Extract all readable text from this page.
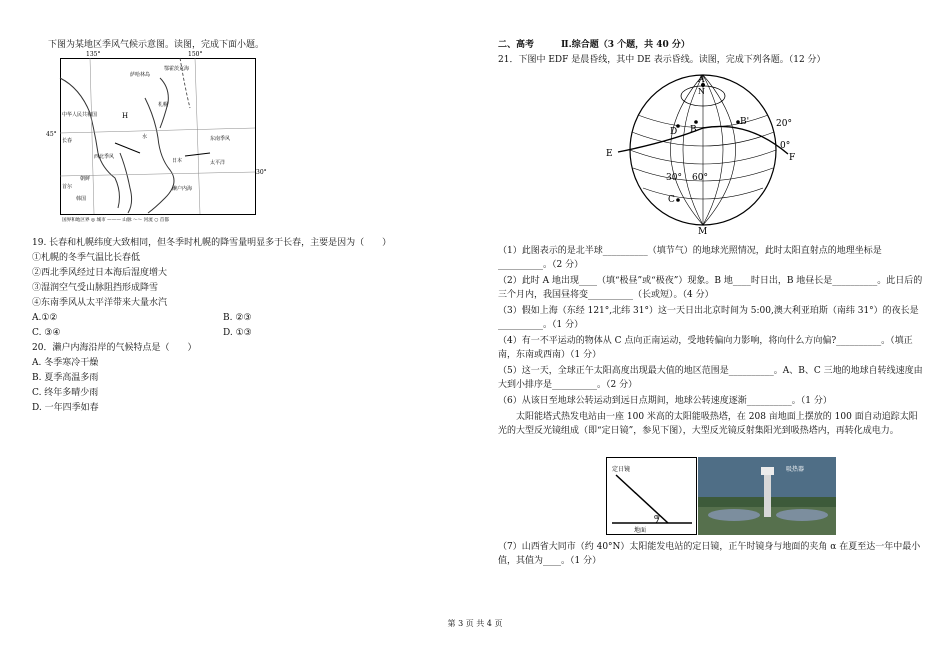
下图为某地区季风气候示意图。读图，完成下面小题。
135°	150°
45°
30°
中华人民共和国
长春
西北季风
水
H
札幌
东南季风
日本	太平洋
濑户内海
鄂霍茨克海
首尔
朝鲜
韩国
萨哈林岛
国界和地区界 ◎ 城市 ——— 山脉 ～～ 河流 ○ 首都
19. 长春和札幌纬度大致相同，但冬季时札幌的降雪量明显多于长春，主要是因为（　　）
①札幌的冬季气温比长春低
②西北季风经过日本海后湿度增大
③湿润空气受山脉阻挡形成降雪
④东南季风从太平洋带来大量水汽
A.①②	B. ②③
C. ③④	D. ①③
20．濑户内海沿岸的气候特点是（　　）
A. 冬季寒冷干燥
B. 夏季高温多雨
C. 终年多晴少雨
D. 一年四季如春
二、高考　　　Ⅱ.综合题（3 个题，共 40 分）
21．下图中 EDF 是晨昏线，其中 DE 表示昏线。读图，完成下列各题。（12 分）
A
N
B
D
B'
E	F
C
M
20°
0°
30° 60°
（1）此图表示的是北半球__________（填节气）的地球光照情况，此时太阳直射点的地理坐标是__________。（2 分）
（2）此时 A 地出现____（填“极昼”或“极夜”）现象。B 地____时日出，B 地昼长是__________。此日后的三个月内，我国昼将变__________（长或短）。（4 分）
（3）假如上海（东经 121°,北纬 31°）这一天日出北京时间为 5:00,澳大利亚珀斯（南纬 31°）的夜长是__________。（1 分）
（4）有一不平运动的物体从 C 点向正南运动，受地转偏向力影响，将向什么方向偏?__________。（填正南，东南或西南）（1 分）
（5）这一天，全球正午太阳高度出现最大值的地区范围是__________。A、B、C 三地的地球自转线速度由大到小排序是__________。（2 分）
（6）从该日至地球公转运动到远日点期间，地球公转速度逐渐__________。（1 分）
太阳能塔式热发电站由一座 100 米高的太阳能吸热塔，在 208 亩地面上摆放的 100 面自动追踪太阳光的大型反光镜组成（即“定日镜”，参见下图），大型反光镜反射集阳光到吸热塔内，再转化成电力。
定日镜
α
地面
吸热器
（7）山西省大同市（约 40°N）太阳能发电站的定日镜，正午时镜身与地面的夹角 α 在夏至达一年中最小值，其值为____。（1 分）
第 3 页 共 4 页
